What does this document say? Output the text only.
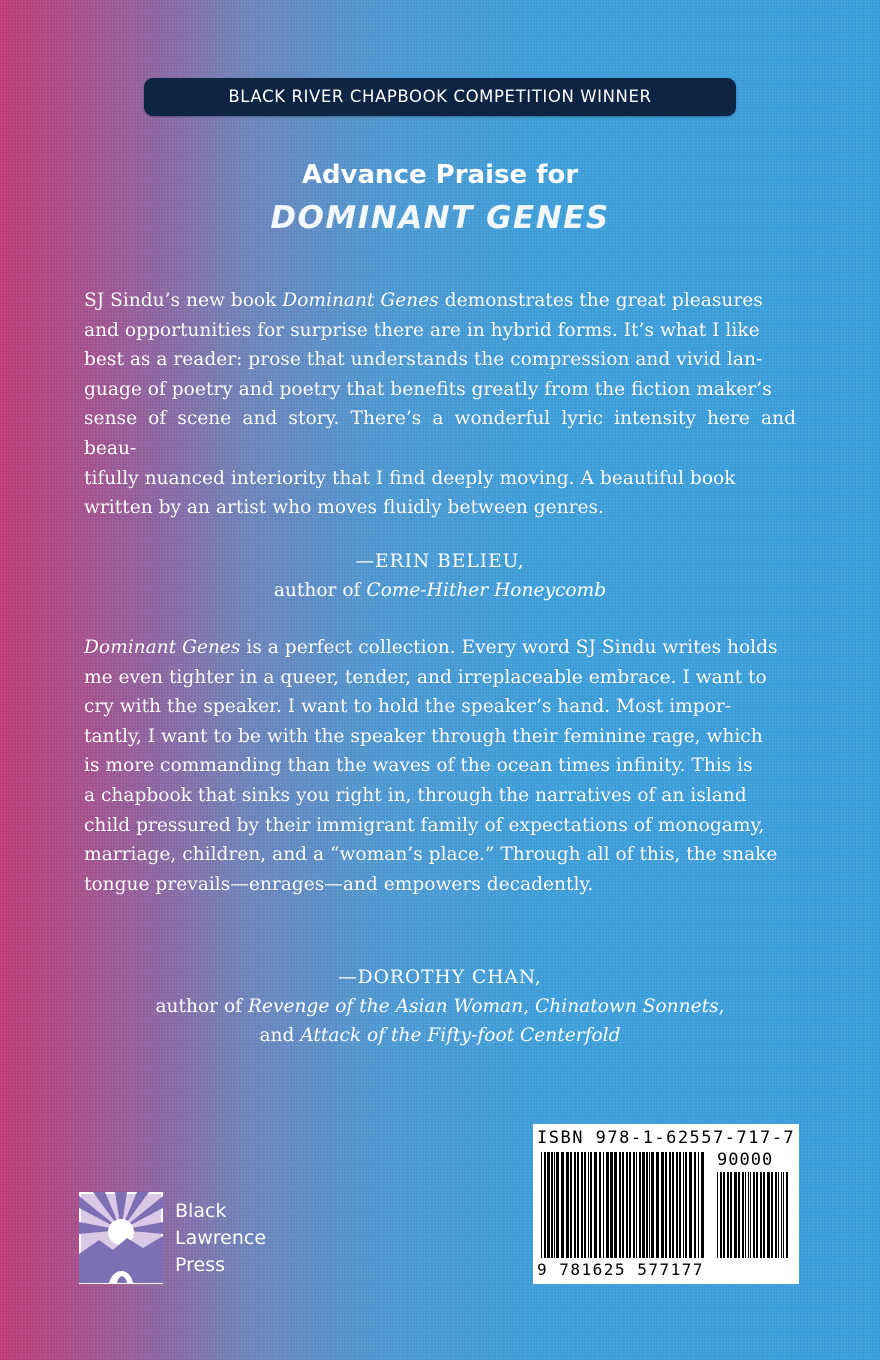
BLACK RIVER CHAPBOOK COMPETITION WINNER
Advance Praise for
DOMINANT GENES
SJ Sindu’s new book Dominant Genes demonstrates the great pleasures
and opportunities for surprise there are in hybrid forms. It’s what I like
best as a reader: prose that understands the compression and vivid lan-
guage of poetry and poetry that benefits greatly from the fiction maker’s
sense of scene and story. There’s a wonderful lyric intensity here and beau-
tifully nuanced interiority that I find deeply moving. A beautiful book
written by an artist who moves fluidly between genres.
—ERIN BELIEU,
author of Come-Hither Honeycomb
Dominant Genes is a perfect collection. Every word SJ Sindu writes holds
me even tighter in a queer, tender, and irreplaceable embrace. I want to
cry with the speaker. I want to hold the speaker’s hand. Most impor-
tantly, I want to be with the speaker through their feminine rage, which
is more commanding than the waves of the ocean times infinity. This is
a chapbook that sinks you right in, through the narratives of an island
child pressured by their immigrant family of expectations of monogamy,
marriage, children, and a “woman’s place.” Through all of this, the snake
tongue prevails—enrages—and empowers decadently.
—DOROTHY CHAN,
author of Revenge of the Asian Woman, Chinatown Sonnets,
and Attack of the Fifty-foot Centerfold
Black
Lawrence
Press
ISBN 978-1-62557-717-7
90000
9 781625 577177
